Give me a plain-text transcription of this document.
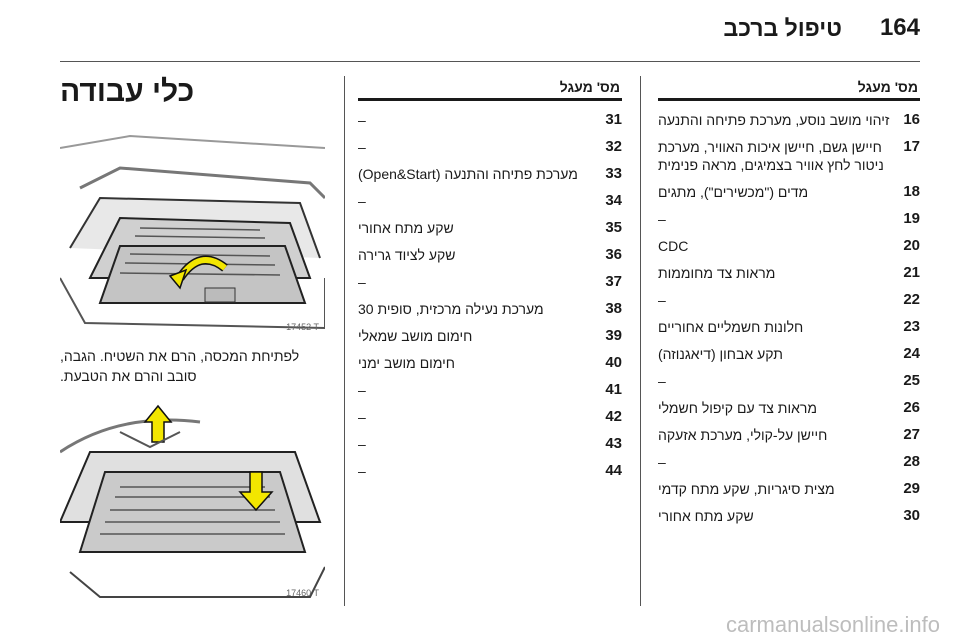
164
טיפול ברכב
מס' מעגל
16
זיהוי מושב נוסע, מערכת פתיחה והתנעה
17
חיישן גשם, חיישן איכות האוויר, מערכת ניטור לחץ אוויר בצמיגים, מראה פנימית
18
מדים ("מכשירים"), מתגים
19
–
20
CDC
21
מראות צד מחוממות
22
–
23
חלונות חשמליים אחוריים
24
תקע אבחון (דיאגנוזה)
25
–
26
מראות צד עם קיפול חשמלי
27
חיישן על-קולי, מערכת אזעקה
28
–
29
מצית סיגריות, שקע מתח קדמי
30
שקע מתח אחורי
מס' מעגל
31
–
32
–
33
מערכת פתיחה והתנעה (Open&Start)
34
–
35
שקע מתח אחורי
36
שקע לציוד גרירה
37
–
38
מערכת נעילה מרכזית, סופית 30
39
חימום מושב שמאלי
40
חימום מושב ימני
41
–
42
–
43
–
44
–
כלי עבודה
17452 T
לפתיחת המכסה, הרם את השטיח. הגבה, סובב והרם את הטבעת.
17460 T
carmanualsonline.info
